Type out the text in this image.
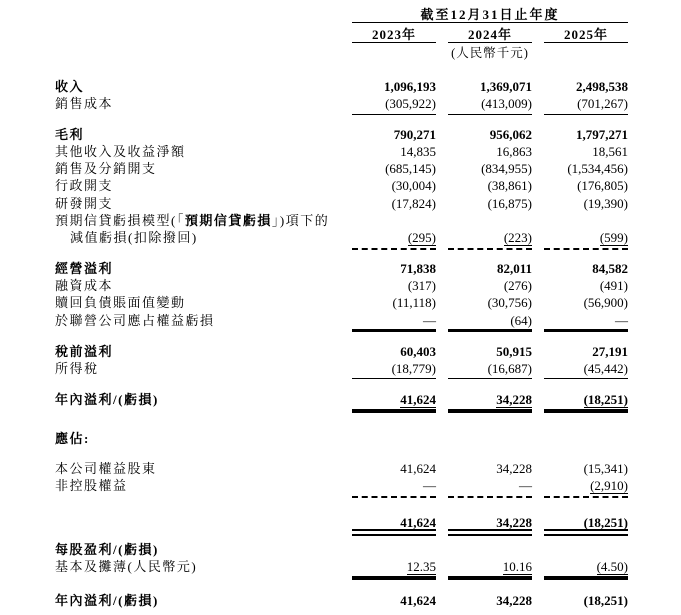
截至12月31日止年度
2023年	2024年	2025年
(人民幣千元)
收入	1,096,193	1,369,071	2,498,538
銷售成本	(305,922)	(413,009)	(701,267)
毛利	790,271	956,062	1,797,271
其他收入及收益淨額	14,835	16,863	18,561
銷售及分銷開支	(685,145)	(834,955)	(1,534,456)
行政開支	(30,004)	(38,861)	(176,805)
研發開支	(17,824)	(16,875)	(19,390)
預期信貸虧損模型(「預期信貸虧損」)項下的
減值虧損(扣除撥回)	(295)	(223)	(599)
經營溢利	71,838	82,011	84,582
融資成本	(317)	(276)	(491)
贖回負債賬面值變動	(11,118)	(30,756)	(56,900)
於聯營公司應占權益虧損	—	(64)	—
稅前溢利	60,403	50,915	27,191
所得稅	(18,779)	(16,687)	(45,442)
年內溢利/(虧損)	41,624	34,228	(18,251)
應佔:
本公司權益股東	41,624	34,228	(15,341)
非控股權益	—	—	(2,910)
41,624	34,228	(18,251)
每股盈利/(虧損)
基本及攤薄(人民幣元)	12.35	10.16	(4.50)
年內溢利/(虧損)	41,624	34,228	(18,251)
